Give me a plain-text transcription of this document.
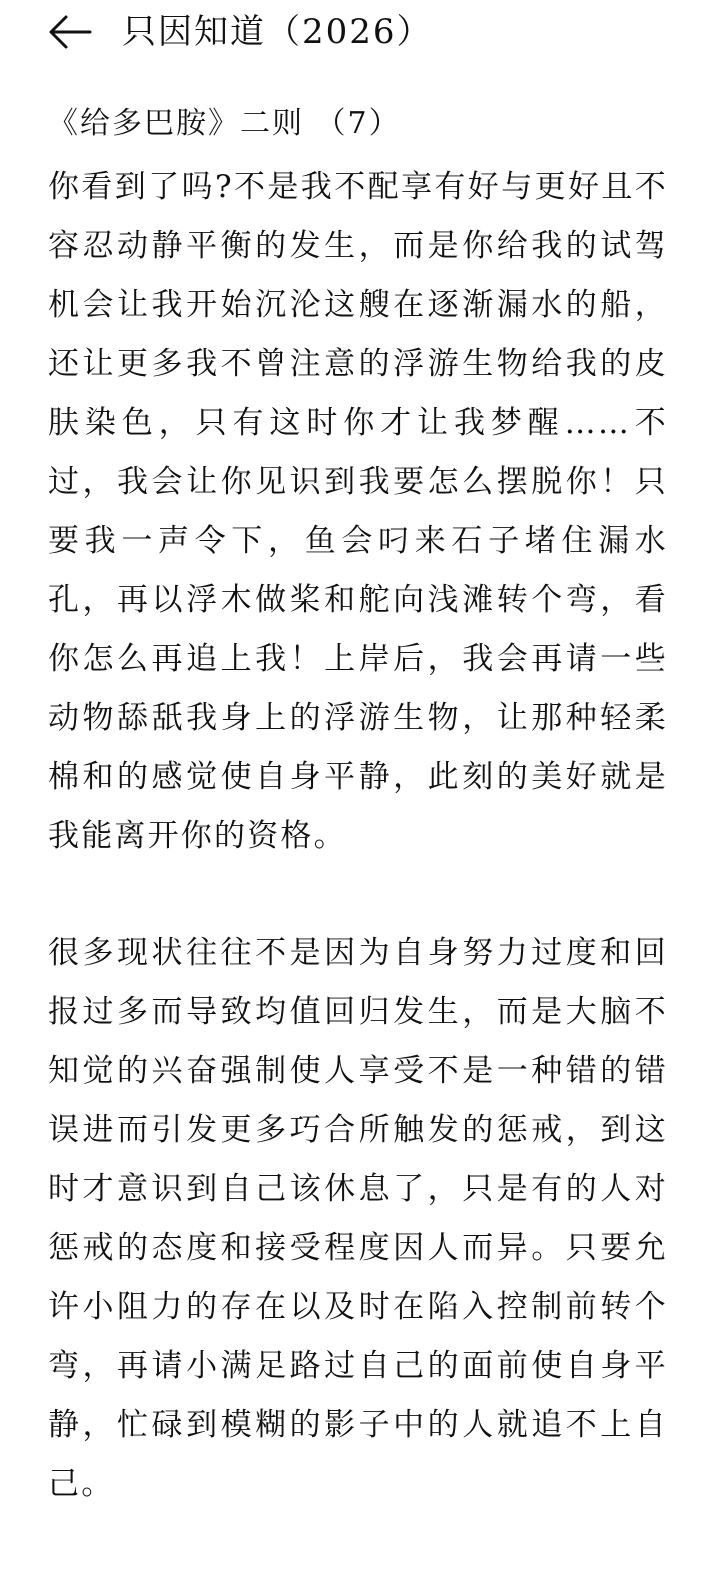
只因知道（2026）

《给多巴胺》二则 （7）

你看到了吗?不是我不配享有好与更好且不容忍动静平衡的发生，而是你给我的试驾机会让我开始沉沦这艘在逐渐漏水的船，还让更多我不曾注意的浮游生物给我的皮肤染色，只有这时你才让我梦醒……不过，我会让你见识到我要怎么摆脱你！只要我一声令下，鱼会叼来石子堵住漏水孔，再以浮木做桨和舵向浅滩转个弯，看你怎么再追上我！上岸后，我会再请一些动物舔舐我身上的浮游生物，让那种轻柔棉和的感觉使自身平静，此刻的美好就是我能离开你的资格。

很多现状往往不是因为自身努力过度和回报过多而导致均值回归发生，而是大脑不知觉的兴奋强制使人享受不是一种错的错误进而引发更多巧合所触发的惩戒，到这时才意识到自己该休息了，只是有的人对惩戒的态度和接受程度因人而异。只要允许小阻力的存在以及时在陷入控制前转个弯，再请小满足路过自己的面前使自身平静，忙碌到模糊的影子中的人就追不上自己。
